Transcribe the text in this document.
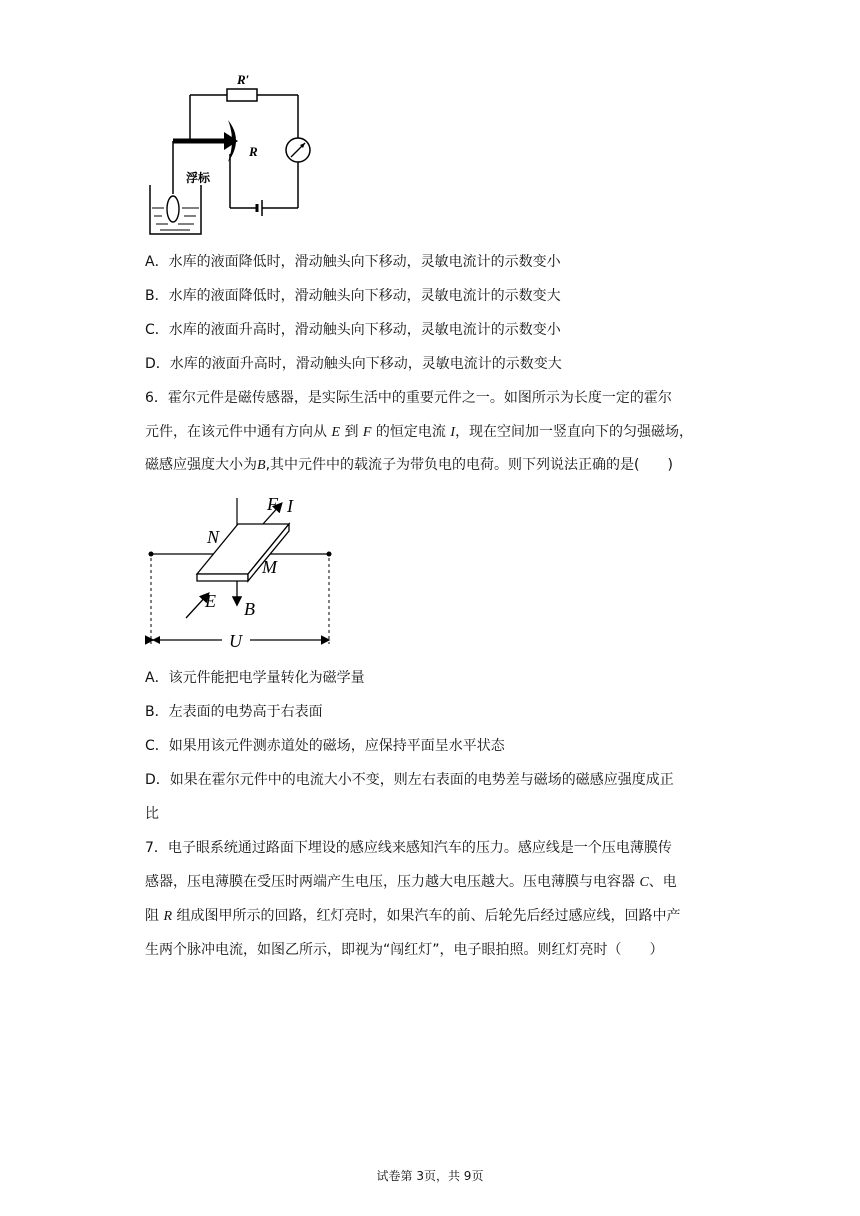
R′
R
浮标
A．水库的液面降低时，滑动触头向下移动，灵敏电流计的示数变小
B．水库的液面降低时，滑动触头向下移动，灵敏电流计的示数变大
C．水库的液面升高时，滑动触头向下移动，灵敏电流计的示数变小
D．水库的液面升高时，滑动触头向下移动，灵敏电流计的示数变大
6．霍尔元件是磁传感器，是实际生活中的重要元件之一。如图所示为长度一定的霍尔
元件，在该元件中通有方向从 E 到 F 的恒定电流 I，现在空间加一竖直向下的匀强磁场，
磁感应强度大小为B,其中元件中的载流子为带负电的电荷。则下列说法正确的是(　　)
F I
E
N
M
B
U
A．该元件能把电学量转化为磁学量
B．左表面的电势高于右表面
C．如果用该元件测赤道处的磁场，应保持平面呈水平状态
D．如果在霍尔元件中的电流大小不变，则左右表面的电势差与磁场的磁感应强度成正
比
7．电子眼系统通过路面下埋设的感应线来感知汽车的压力。感应线是一个压电薄膜传
感器，压电薄膜在受压时两端产生电压，压力越大电压越大。压电薄膜与电容器 C、电
阻 R 组成图甲所示的回路，红灯亮时，如果汽车的前、后轮先后经过感应线，回路中产
生两个脉冲电流，如图乙所示，即视为“闯红灯”，电子眼拍照。则红灯亮时（　　）
试卷第 3页，共 9页
